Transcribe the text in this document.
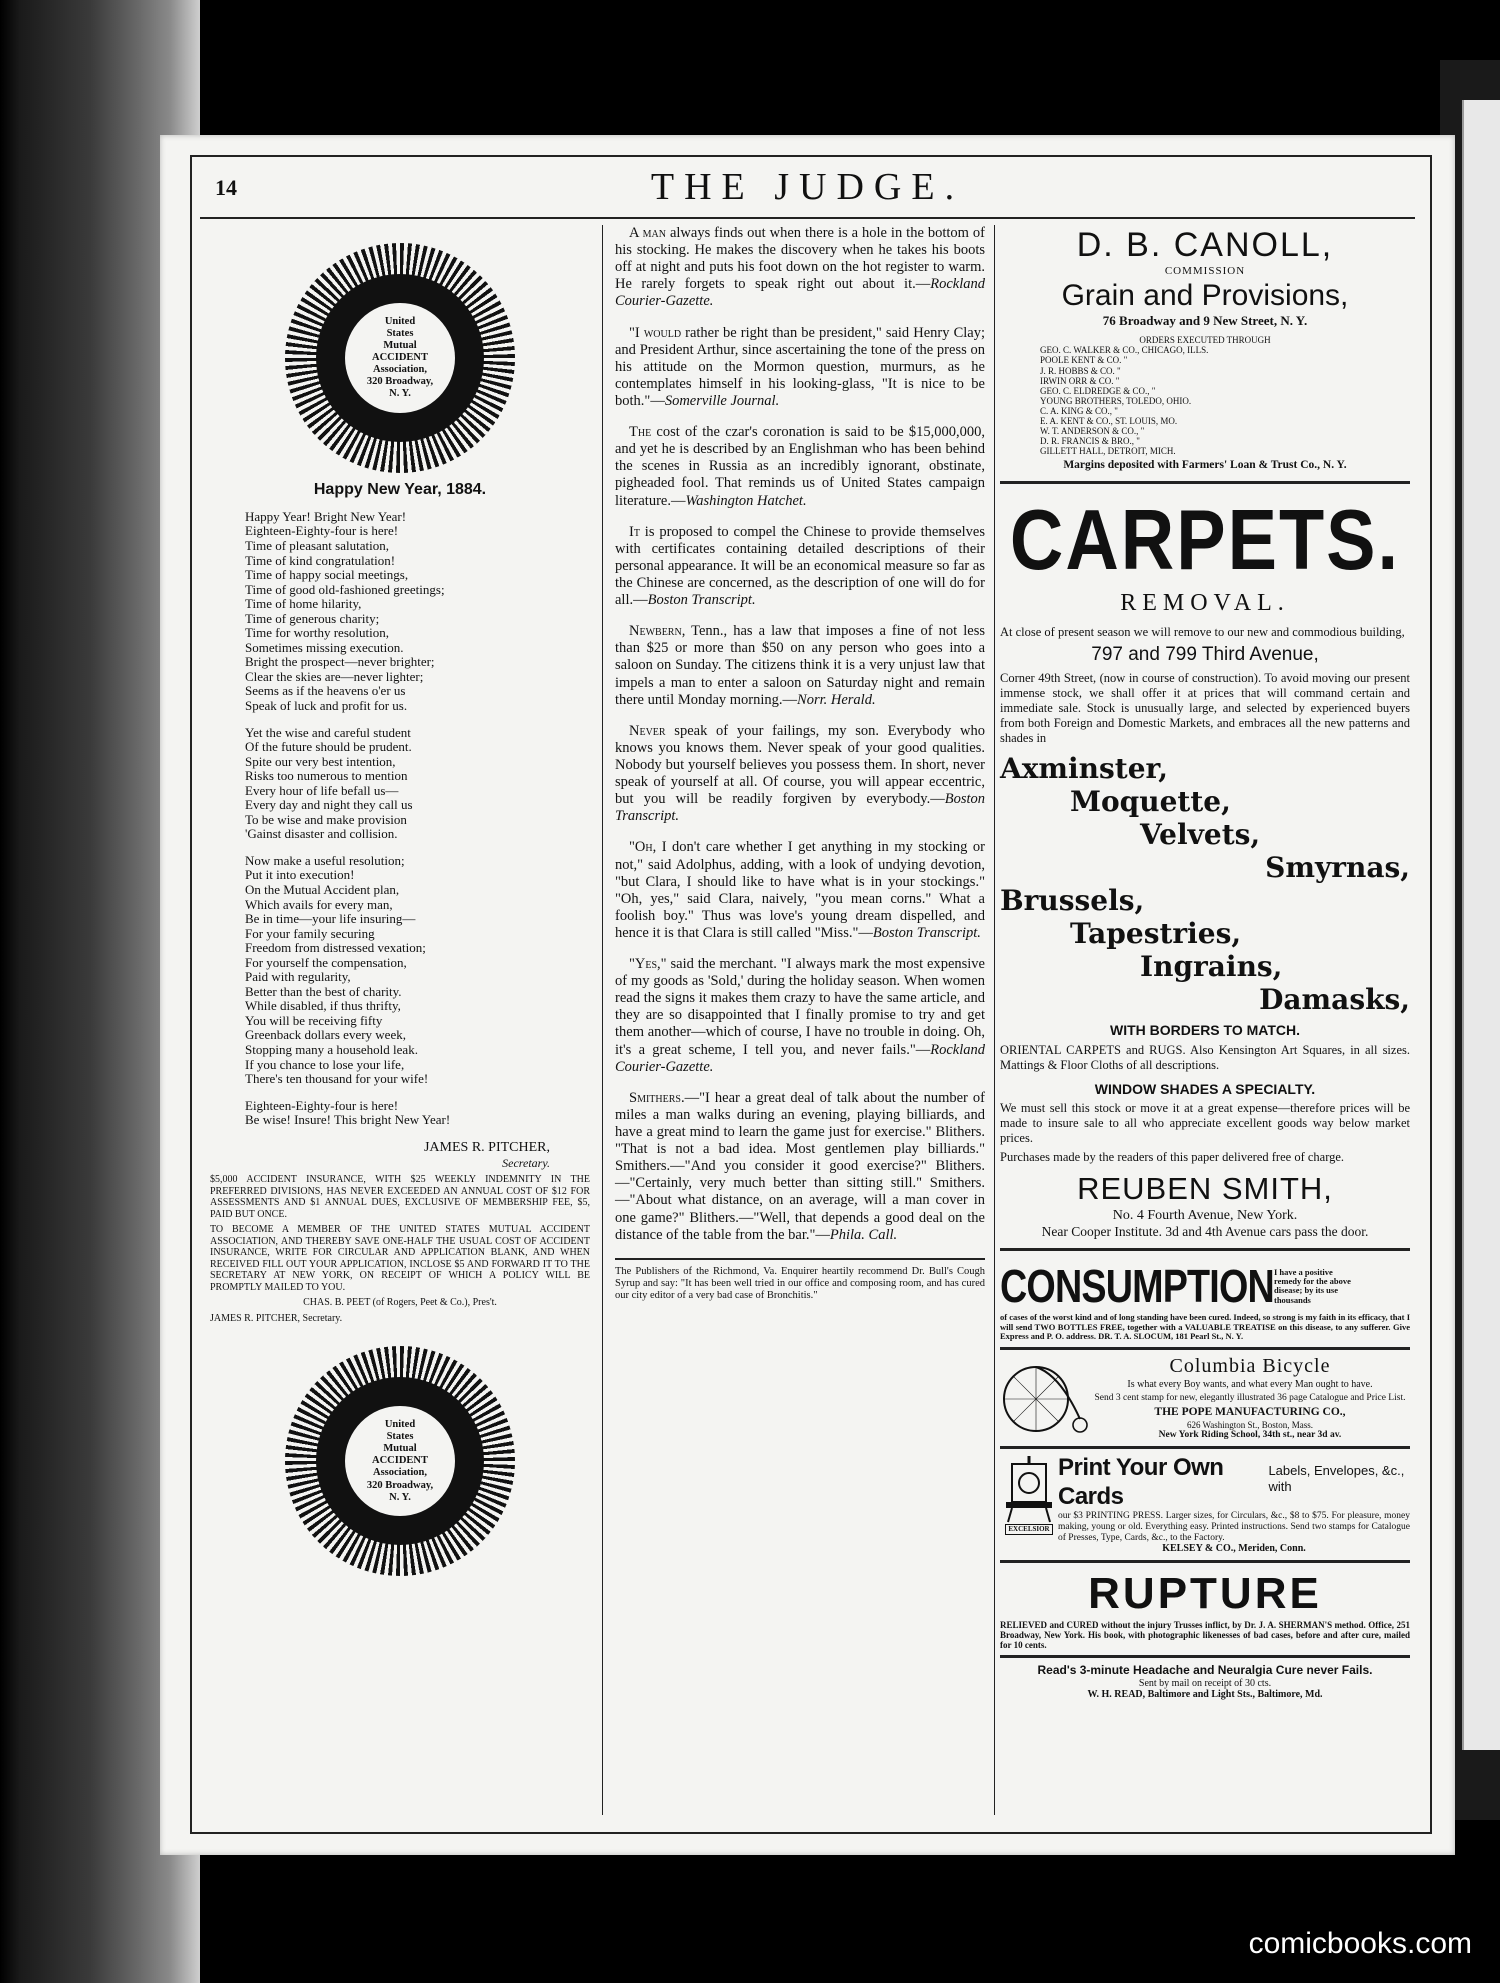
14	THE JUDGE.
United
States
Mutual
ACCIDENT
Association,
320 Broadway,
N. Y.
Happy New Year, 1884.
Happy Year! Bright New Year!
Eighteen-Eighty-four is here!
Time of pleasant salutation,
Time of kind congratulation!
Time of happy social meetings,
Time of good old-fashioned greetings;
Time of home hilarity,
Time of generous charity;
Time for worthy resolution,
Sometimes missing execution.
Bright the prospect—never brighter;
Clear the skies are—never lighter;
Seems as if the heavens o'er us
Speak of luck and profit for us.
Yet the wise and careful student
Of the future should be prudent.
Spite our very best intention,
Risks too numerous to mention
Every hour of life befall us—
Every day and night they call us
To be wise and make provision
'Gainst disaster and collision.
Now make a useful resolution;
Put it into execution!
On the Mutual Accident plan,
Which avails for every man,
Be in time—your life insuring—
For your family securing
Freedom from distressed vexation;
For yourself the compensation,
Paid with regularity,
Better than the best of charity.
While disabled, if thus thrifty,
You will be receiving fifty
Greenback dollars every week,
Stopping many a household leak.
If you chance to lose your life,
There's ten thousand for your wife!
Eighteen-Eighty-four is here!
Be wise! Insure! This bright New Year!
JAMES R. PITCHER,
Secretary.
$5,000 ACCIDENT INSURANCE, WITH $25 WEEKLY INDEMNITY IN THE PREFERRED DIVISIONS, HAS NEVER EXCEEDED AN ANNUAL COST OF $12 FOR ASSESSMENTS AND $1 ANNUAL DUES, EXCLUSIVE OF MEMBERSHIP FEE, $5, PAID BUT ONCE.
TO BECOME A MEMBER OF THE UNITED STATES MUTUAL ACCIDENT ASSOCIATION, AND THEREBY SAVE ONE-HALF THE USUAL COST OF ACCIDENT INSURANCE, WRITE FOR CIRCULAR AND APPLICATION BLANK, AND WHEN RECEIVED FILL OUT YOUR APPLICATION, INCLOSE $5 AND FORWARD IT TO THE SECRETARY AT NEW YORK, ON RECEIPT OF WHICH A POLICY WILL BE PROMPTLY MAILED TO YOU.
CHAS. B. PEET (of Rogers, Peet & Co.), Pres't.
JAMES R. PITCHER, Secretary.
United
States
Mutual
ACCIDENT
Association,
320 Broadway,
N. Y.
A man always finds out when there is a hole in the bottom of his stocking. He makes the discovery when he takes his boots off at night and puts his foot down on the hot register to warm. He rarely forgets to speak right out about it.—Rockland Courier-Gazette.
"I would rather be right than be president," said Henry Clay; and President Arthur, since ascertaining the tone of the press on his attitude on the Mormon question, murmurs, as he contemplates himself in his looking-glass, "It is nice to be both."—Somerville Journal.
The cost of the czar's coronation is said to be $15,000,000, and yet he is described by an Englishman who has been behind the scenes in Russia as an incredibly ignorant, obstinate, pigheaded fool. That reminds us of United States campaign literature.—Washington Hatchet.
It is proposed to compel the Chinese to provide themselves with certificates containing detailed descriptions of their personal appearance. It will be an economical measure so far as the Chinese are concerned, as the description of one will do for all.—Boston Transcript.
Newbern, Tenn., has a law that imposes a fine of not less than $25 or more than $50 on any person who goes into a saloon on Sunday. The citizens think it is a very unjust law that impels a man to enter a saloon on Saturday night and remain there until Monday morning.—Norr. Herald.
Never speak of your failings, my son. Everybody who knows you knows them. Never speak of your good qualities. Nobody but yourself believes you possess them. In short, never speak of yourself at all. Of course, you will appear eccentric, but you will be readily forgiven by everybody.—Boston Transcript.
"Oh, I don't care whether I get anything in my stocking or not," said Adolphus, adding, with a look of undying devotion, "but Clara, I should like to have what is in your stockings." "Oh, yes," said Clara, naively, "you mean corns." What a foolish boy." Thus was love's young dream dispelled, and hence it is that Clara is still called "Miss."—Boston Transcript.
"Yes," said the merchant. "I always mark the most expensive of my goods as 'Sold,' during the holiday season. When women read the signs it makes them crazy to have the same article, and they are so disappointed that I finally promise to try and get them another—which of course, I have no trouble in doing. Oh, it's a great scheme, I tell you, and never fails."—Rockland Courier-Gazette.
Smithers.—"I hear a great deal of talk about the number of miles a man walks during an evening, playing billiards, and have a great mind to learn the game just for exercise." Blithers. "That is not a bad idea. Most gentlemen play billiards." Smithers.—"And you consider it good exercise?" Blithers.—"Certainly, very much better than sitting still." Smithers.—"About what distance, on an average, will a man cover in one game?" Blithers.—"Well, that depends a good deal on the distance of the table from the bar."—Phila. Call.
The Publishers of the Richmond, Va. Enquirer heartily recommend Dr. Bull's Cough Syrup and say: "It has been well tried in our office and composing room, and has cured our city editor of a very bad case of Bronchitis."
D. B. CANOLL,
COMMISSION
Grain and Provisions,
76 Broadway and 9 New Street, N. Y.
ORDERS EXECUTED THROUGH
GEO. C. WALKER & CO., CHICAGO, ILLS.
POOLE KENT & CO. "
J. R. HOBBS & CO. "
IRWIN ORR & CO. "
GEO. C. ELDREDGE & CO., "
YOUNG BROTHERS, TOLEDO, OHIO.
C. A. KING & CO., "
E. A. KENT & CO., ST. LOUIS, MO.
W. T. ANDERSON & CO., "
D. R. FRANCIS & BRO., "
GILLETT HALL, DETROIT, MICH.
Margins deposited with Farmers' Loan & Trust Co., N. Y.
CARPETS.
REMOVAL.
At close of present season we will remove to our new and commodious building,
797 and 799 Third Avenue,
Corner 49th Street, (now in course of construction). To avoid moving our present immense stock, we shall offer it at prices that will command certain and immediate sale. Stock is unusually large, and selected by experienced buyers from both Foreign and Domestic Markets, and embraces all the new patterns and shades in
Axminster,
Moquette,
Velvets,
Smyrnas,
Brussels,
Tapestries,
Ingrains,
Damasks,
WITH BORDERS TO MATCH.
ORIENTAL CARPETS and RUGS. Also Kensington Art Squares, in all sizes. Mattings & Floor Cloths of all descriptions.
WINDOW SHADES A SPECIALTY.
We must sell this stock or move it at a great expense—therefore prices will be made to insure sale to all who appreciate excellent goods way below market prices.
Purchases made by the readers of this paper delivered free of charge.
REUBEN SMITH,
No. 4 Fourth Avenue, New York.
Near Cooper Institute. 3d and 4th Avenue cars pass the door.
CONSUMPTION I have a positive remedy for the above disease; by its use thousands
of cases of the worst kind and of long standing have been cured. Indeed, so strong is my faith in its efficacy, that I will send TWO BOTTLES FREE, together with a VALUABLE TREATISE on this disease, to any sufferer. Give Express and P. O. address. DR. T. A. SLOCUM, 181 Pearl St., N. Y.
Columbia Bicycle
Is what every Boy wants, and what every Man ought to have.
Send 3 cent stamp for new, elegantly illustrated 36 page Catalogue and Price List.
THE POPE MANUFACTURING CO.,
626 Washington St., Boston, Mass.
New York Riding School, 34th st., near 3d av.
EXCELSIOR
Print Your Own Cards
Labels, Envelopes, &c., with
our $3 PRINTING PRESS. Larger sizes, for Circulars, &c., $8 to $75. For pleasure, money making, young or old. Everything easy. Printed instructions. Send two stamps for Catalogue of Presses, Type, Cards, &c., to the Factory.
KELSEY & CO., Meriden, Conn.
RUPTURE
RELIEVED and CURED without the injury Trusses inflict, by Dr. J. A. SHERMAN'S method. Office, 251 Broadway, New York. His book, with photographic likenesses of bad cases, before and after cure, mailed for 10 cents.
Read's 3-minute Headache and Neuralgia Cure never Fails.
Sent by mail on receipt of 30 cts.
W. H. READ, Baltimore and Light Sts., Baltimore, Md.
comicbooks.com
